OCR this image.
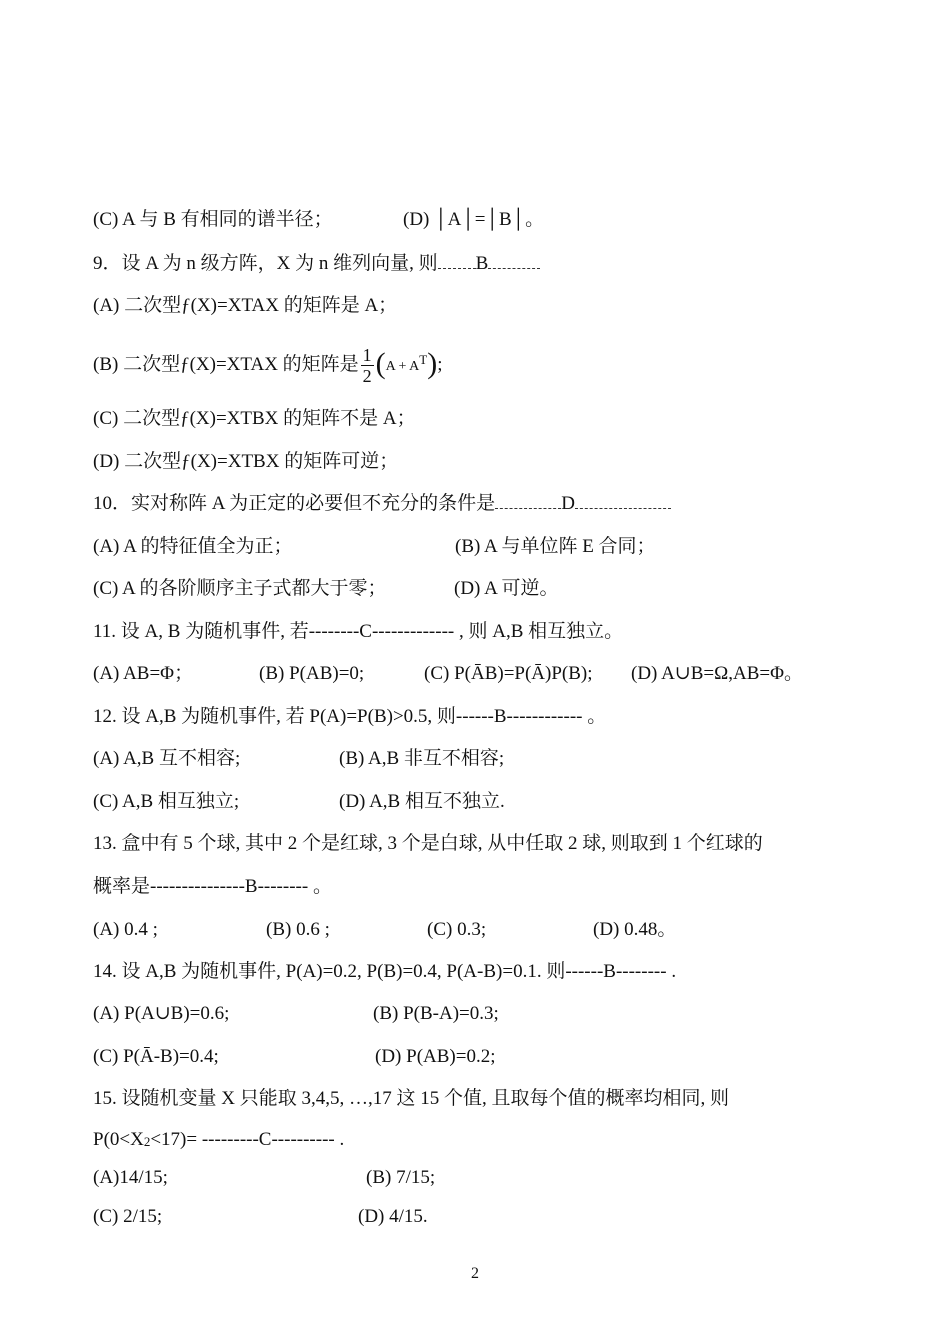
(C) A 与 B 有相同的谱半径；	(D) │A│=│B│。
9．设 A 为 n 级方阵，X 为 n 维列向量, 则 B
(A) 二次型ƒ(X)=XTAX 的矩阵是 A；
(B) 二次型ƒ(X)=XTAX 的矩阵是 $\frac{1}{2} (A + A^T)$;
(C) 二次型ƒ(X)=XTBX 的矩阵不是 A；
(D) 二次型ƒ(X)=XTBX 的矩阵可逆；
10．实对称阵 A 为正定的必要但不充分的条件是	D
(A) A 的特征值全为正；	(B) A 与单位阵 E 合同；
(C) A 的各阶顺序主子式都大于零；	(D) A 可逆。
11. 设 A, B 为随机事件, 若--------C------------- , 则 A,B 相互独立。
(A) AB=Φ；	(B) P(AB)=0;	(C) P(ĀB)=P(Ā)P(B); (D) A∪B=Ω,AB=Φ。
12. 设 A,B 为随机事件, 若 P(A)=P(B)>0.5, 则------B------------ 。
(A) A,B 互不相容;	(B) A,B 非互不相容;
(C) A,B 相互独立;	(D) A,B 相互不独立.
13. 盒中有 5 个球, 其中 2 个是红球, 3 个是白球, 从中任取 2 球, 则取到 1 个红球的
概率是---------------B-------- 。
(A) 0.4 ;	(B) 0.6 ;	(C) 0.3;	(D) 0.48。
14. 设 A,B 为随机事件, P(A)=0.2, P(B)=0.4, P(A-B)=0.1. 则------B-------- .
(A) P(A∪B)=0.6;	(B) P(B-A)=0.3;
(C) P(Ā-B)=0.4;	(D) P(AB)=0.2;
15. 设随机变量 X 只能取 3,4,5, …,17 这 15 个值, 且取每个值的概率均相同, 则
P(0<X2<17)= ---------C---------- .
(A)14/15;	(B) 7/15;
(C) 2/15;	(D) 4/15.
2
